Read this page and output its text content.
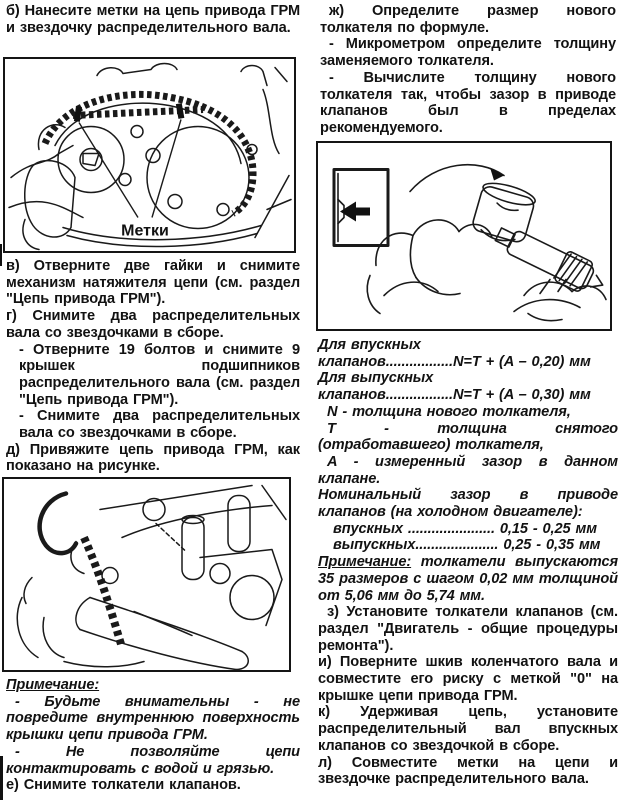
б) Нанесите метки на цепь привода ГРМ и звездочку распределительного вала.

Метки

в) Отверните две гайки и снимите механизм натяжителя цепи (см. раздел "Цепь привода ГРМ").

г) Снимите два распределительных вала со звездочками в сборе.

- Отверните 19 болтов и снимите 9 крышек подшипников распределительного вала (см. раздел "Цепь привода ГРМ").

- Снимите два распределительных вала со звездочками в сборе.

д) Привяжите цепь привода ГРМ, как показано на рисунке.

Примечание:

- Будьте внимательны - не повредите внутреннюю поверхность крышки цепи привода ГРМ.

- Не позволяйте цепи контактировать с водой и грязью.

е) Снимите толкатели клапанов.

ж) Определите размер нового толкателя по формуле.

- Микрометром определите толщину заменяемого толкателя.

- Вычислите толщину нового толкателя так, чтобы зазор в приводе клапанов был в пределах рекомендуемого.

Для впускных

клапанов.................N=T + (A – 0,20) мм

Для выпускных

клапанов.................N=T + (A – 0,30) мм

N - толщина нового толкателя,

T - толщина снятого (отработавшего) толкателя,

A - измеренный зазор в данном клапане.

Номинальный зазор в приводе клапанов (на холодном двигателе):

впускных ...................... 0,15 - 0,25 мм

выпускных..................... 0,25 - 0,35 мм

Примечание: толкатели выпускаются 35 размеров с шагом 0,02 мм толщиной от 5,06 мм до 5,74 мм.

з) Установите толкатели клапанов (см. раздел "Двигатель - общие процедуры ремонта").

и) Поверните шкив коленчатого вала и совместите его риску с меткой "0" на крышке цепи привода ГРМ.

к) Удерживая цепь, установите распределительный вал впускных клапанов со звездочкой в сборе.

л) Совместите метки на цепи и звездочке распределительного вала.
